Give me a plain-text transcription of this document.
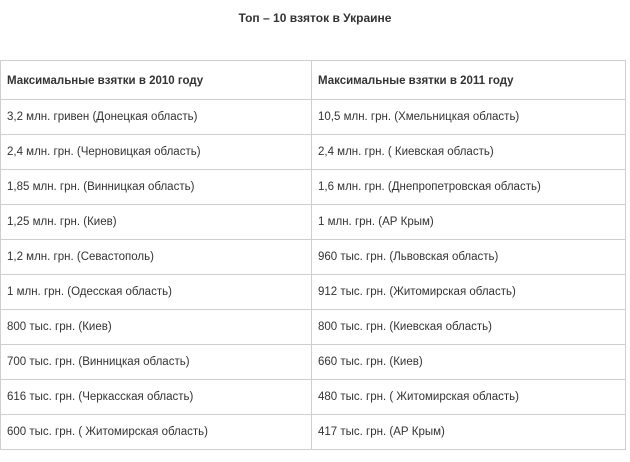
Топ – 10 взяток в Украине
Максимальные взятки в 2010 году	Максимальные взятки в 2011 году
3,2 млн. гривен (Донецкая область)	10,5 млн. грн. (Хмельницкая область)
2,4 млн. грн. (Черновицкая область)	2,4 млн. грн. ( Киевская область)
1,85 млн. грн. (Винницкая область)	1,6 млн. грн. (Днепропетровская область)
1,25 млн. грн. (Киев)	1 млн. грн. (АР Крым)
1,2 млн. грн. (Севастополь)	960 тыс. грн. (Львовская область)
1 млн. грн. (Одесская область)	912 тыс. грн. (Житомирская область)
800 тыс. грн. (Киев)	800 тыс. грн. (Киевская область)
700 тыс. грн. (Винницкая область)	660 тыс. грн. (Киев)
616 тыс. грн. (Черкасская область)	480 тыс. грн. ( Житомирская область)
600 тыс. грн. ( Житомирская область)	417 тыс. грн. (АР Крым)
